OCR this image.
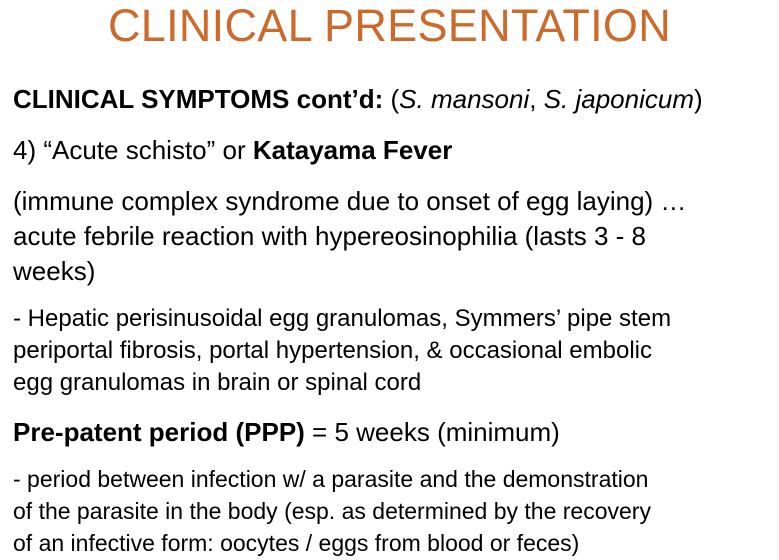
CLINICAL PRESENTATION
CLINICAL SYMPTOMS cont’d: (S. mansoni, S. japonicum)
4) “Acute schisto” or Katayama Fever
(immune complex syndrome due to onset of egg laying) …
acute febrile reaction with hypereosinophilia (lasts 3 - 8
weeks)
- Hepatic perisinusoidal egg granulomas, Symmers’ pipe stem
periportal fibrosis, portal hypertension, & occasional embolic
egg granulomas in brain or spinal cord
Pre-patent period (PPP) = 5 weeks (minimum)
- period between infection w/ a parasite and the demonstration
of the parasite in the body (esp. as determined by the recovery
of an infective form: oocytes / eggs from blood or feces)
